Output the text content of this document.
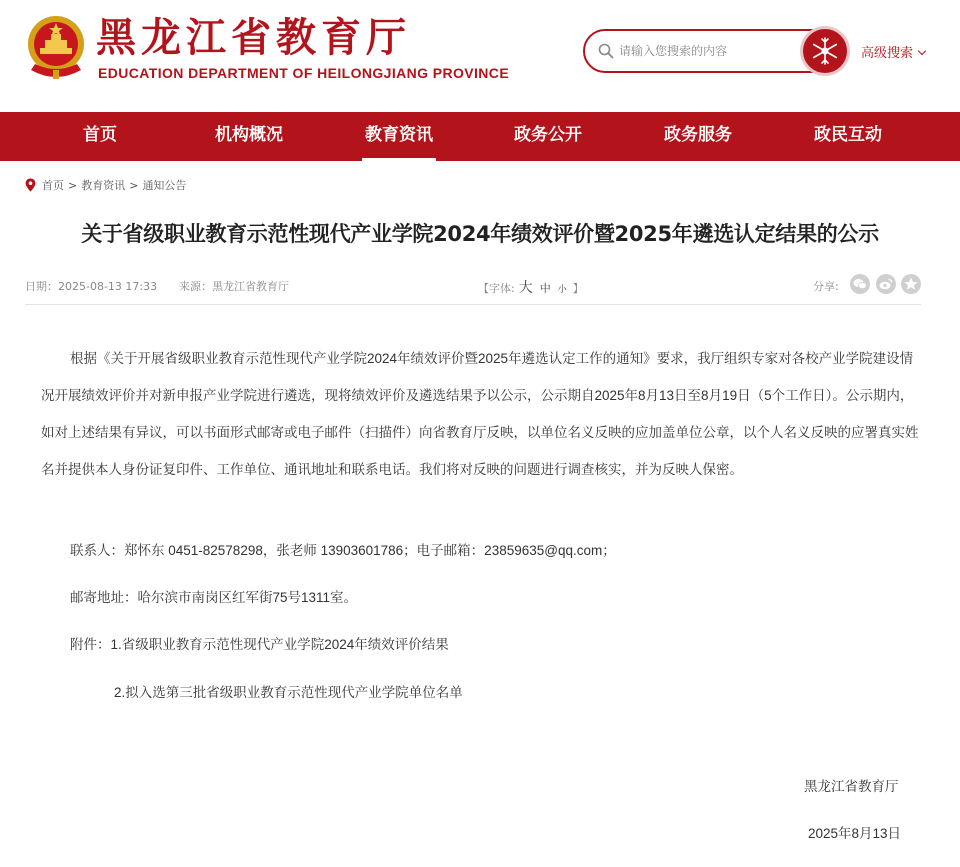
黑龙江省教育厅
EDUCATION DEPARTMENT OF HEILONGJIANG PROVINCE
请输入您搜索的内容
高级搜索
首页	机构概况	教育资讯	政务公开	政务服务	政民互动
首页 > 教育资讯 > 通知公告
关于省级职业教育示范性现代产业学院2024年绩效评价暨2025年遴选认定结果的公示
日期：2025-08-13 17:33 来源：黑龙江省教育厅	【字体: 大 中 小 】	分享:

根据《关于开展省级职业教育示范性现代产业学院2024年绩效评价暨2025年遴选认定工作的通知》要求，我厅组织专家对各校产业学院建设情况开展绩效评价并对新申报产业学院进行遴选，现将绩效评价及遴选结果予以公示，公示期自2025年8月13日至8月19日（5个工作日）。公示期内，如对上述结果有异议，可以书面形式邮寄或电子邮件（扫描件）向省教育厅反映，以单位名义反映的应加盖单位公章，以个人名义反映的应署真实姓名并提供本人身份证复印件、工作单位、通讯地址和联系电话。我们将对反映的问题进行调查核实，并为反映人保密。

联系人：郑怀东 0451-82578298，张老师 13903601786；电子邮箱：23859635@qq.com；
邮寄地址：哈尔滨市南岗区红军街75号1311室。
附件：1.省级职业教育示范性现代产业学院2024年绩效评价结果
2.拟入选第三批省级职业教育示范性现代产业学院单位名单
黑龙江省教育厅
2025年8月13日
